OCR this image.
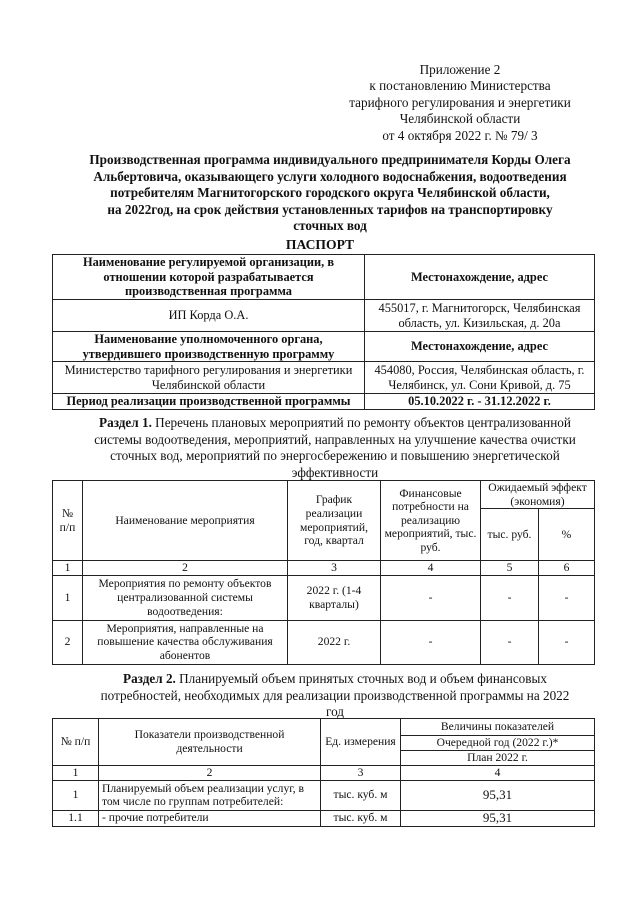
Приложение 2
к постановлению Министерства
тарифного регулирования и энергетики
Челябинской области
от 4 октября 2022 г. № 79/ 3
Производственная программа индивидуального предпринимателя Корды Олега
Альбертовича, оказывающего услуги холодного водоснабжения, водоотведения
потребителям Магнитогорского городского округа Челябинской области,
на 2022год, на срок действия установленных тарифов на транспортировку
сточных вод
ПАСПОРТ
Наименование регулируемой организации, в отношении которой разрабатывается производственная программа	Местонахождение, адрес
ИП Корда О.А.	455017, г. Магнитогорск, Челябинская область, ул. Кизильская, д. 20а
Наименование уполномоченного органа, утвердившего производственную программу	Местонахождение, адрес
Министерство тарифного регулирования и энергетики Челябинской области	454080, Россия, Челябинская область, г. Челябинск, ул. Сони Кривой, д. 75
Период реализации производственной программы	05.10.2022 г. - 31.12.2022 г.
Раздел 1. Перечень плановых мероприятий по ремонту объектов централизованной системы водоотведения, мероприятий, направленных на улучшение качества очистки сточных вод, мероприятий по энергосбережению и повышению энергетической эффективности
№ п/п	Наименование мероприятия	График реализации мероприятий, год, квартал	Финансовые потребности на реализацию мероприятий, тыс. руб.	Ожидаемый эффект (экономия)	
				тыс. руб.	%
1	2	3	4	5	6
1	Мероприятия по ремонту объектов централизованной системы водоотведения:	2022 г. (1-4 кварталы)	-	-	-
2	Мероприятия, направленные на повышение качества обслуживания абонентов	2022 г.	-	-	-
Раздел 2. Планируемый объем принятых сточных вод и объем финансовых потребностей, необходимых для реализации производственной программы на 2022 год
№ п/п	Показатели производственной деятельности	Ед. измерения	Величины показателей
			Очередной год (2022 г.)*
			План 2022 г.
1	2	3	4
1	Планируемый объем реализации услуг, в том числе по группам потребителей:	тыс. куб. м	95,31
1.1	- прочие потребители	тыс. куб. м	95,31
